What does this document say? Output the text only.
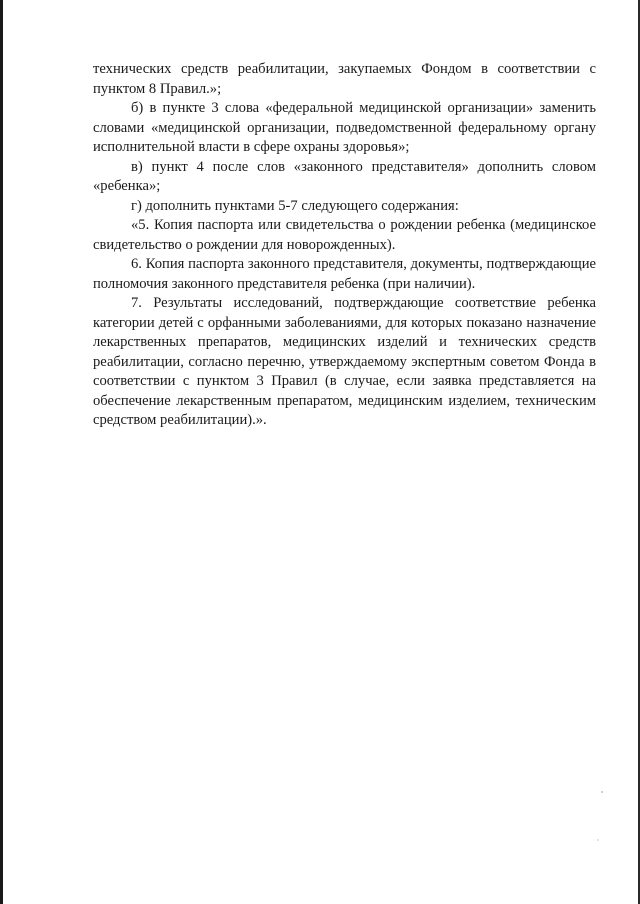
технических средств реабилитации, закупаемых Фондом в соответствии с пунктом 8 Правил.»;

б) в пункте 3 слова «федеральной медицинской организации» заменить словами «медицинской организации, подведомственной федеральному органу исполнительной власти в сфере охраны здоровья»;

в) пункт 4 после слов «законного представителя» дополнить словом «ребенка»;

г) дополнить пунктами 5-7 следующего содержания:

«5. Копия паспорта или свидетельства о рождении ребенка (медицинское свидетельство о рождении для новорожденных).

6. Копия паспорта законного представителя, документы, подтверждающие полномочия законного представителя ребенка (при наличии).

7. Результаты исследований, подтверждающие соответствие ребенка категории детей с орфанными заболеваниями, для которых показано назначение лекарственных препаратов, медицинских изделий и технических средств реабилитации, согласно перечню, утверждаемому экспертным советом Фонда в соответствии с пунктом 3 Правил (в случае, если заявка представляется на обеспечение лекарственным препаратом, медицинским изделием, техническим средством реабилитации).».
